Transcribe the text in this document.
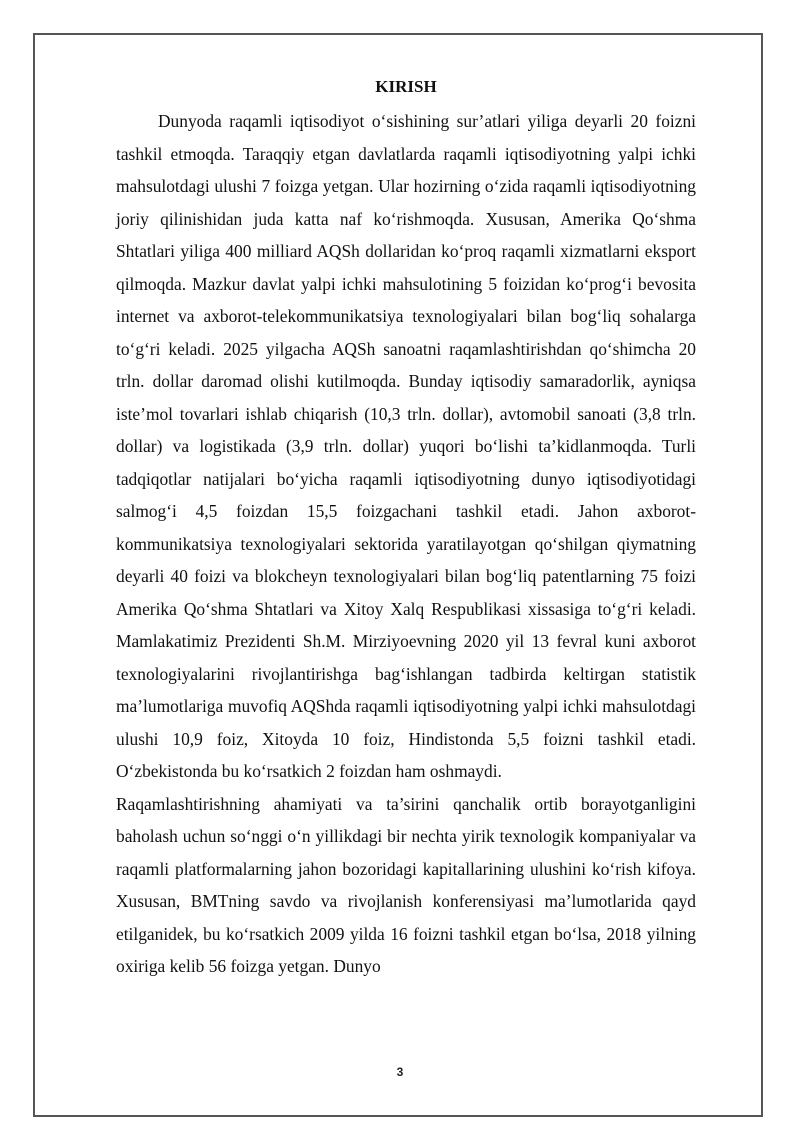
KIRISH

Dunyoda raqamli iqtisodiyot o‘sishining sur’atlari yiliga deyarli 20 foizni tashkil etmoqda. Taraqqiy etgan davlatlarda raqamli iqtisodiyotning yalpi ichki mahsulotdagi ulushi 7 foizga yetgan. Ular hozirning o‘zida raqamli iqtisodiyotning joriy qilinishidan juda katta naf ko‘rishmoqda. Xususan, Amerika Qo‘shma Shtatlari yiliga 400 milliard AQSh dollaridan ko‘proq raqamli xizmatlarni eksport qilmoqda. Mazkur davlat yalpi ichki mahsulotining 5 foizidan ko‘prog‘i bevosita internet va axborot-telekommunikatsiya texnologiyalari bilan bog‘liq sohalarga to‘g‘ri keladi. 2025 yilgacha AQSh sanoatni raqamlashtirishdan qo‘shimcha 20 trln. dollar daromad olishi kutilmoqda. Bunday iqtisodiy samaradorlik, ayniqsa iste’mol tovarlari ishlab chiqarish (10,3 trln. dollar), avtomobil sanoati (3,8 trln. dollar) va logistikada (3,9 trln. dollar) yuqori bo‘lishi ta’kidlanmoqda. Turli tadqiqotlar natijalari bo‘yicha raqamli iqtisodiyotning dunyo iqtisodiyotidagi salmog‘i 4,5 foizdan 15,5 foizgachani tashkil etadi. Jahon axborot-kommunikatsiya texnologiyalari sektorida yaratilayotgan qo‘shilgan qiymatning deyarli 40 foizi va blokcheyn texnologiyalari bilan bog‘liq patentlarning 75 foizi Amerika Qo‘shma Shtatlari va Xitoy Xalq Respublikasi xissasiga to‘g‘ri keladi. Mamlakatimiz Prezidenti Sh.M. Mirziyoevning 2020 yil 13 fevral kuni axborot texnologiyalarini rivojlantirishga bag‘ishlangan tadbirda keltirgan statistik ma’lumotlariga muvofiq AQShda raqamli iqtisodiyotning yalpi ichki mahsulotdagi ulushi 10,9 foiz, Xitoyda 10 foiz, Hindistonda 5,5 foizni tashkil etadi. O‘zbekistonda bu ko‘rsatkich 2 foizdan ham oshmaydi.

Raqamlashtirishning ahamiyati va ta’sirini qanchalik ortib borayotganligini baholash uchun so‘nggi o‘n yillikdagi bir nechta yirik texnologik kompaniyalar va raqamli platformalarning jahon bozoridagi kapitallarining ulushini ko‘rish kifoya. Xususan, BMTning savdo va rivojlanish konferensiyasi ma’lumotlarida qayd etilganidek, bu ko‘rsatkich 2009 yilda 16 foizni tashkil etgan bo‘lsa, 2018 yilning oxiriga kelib 56 foizga yetgan. Dunyo

3
